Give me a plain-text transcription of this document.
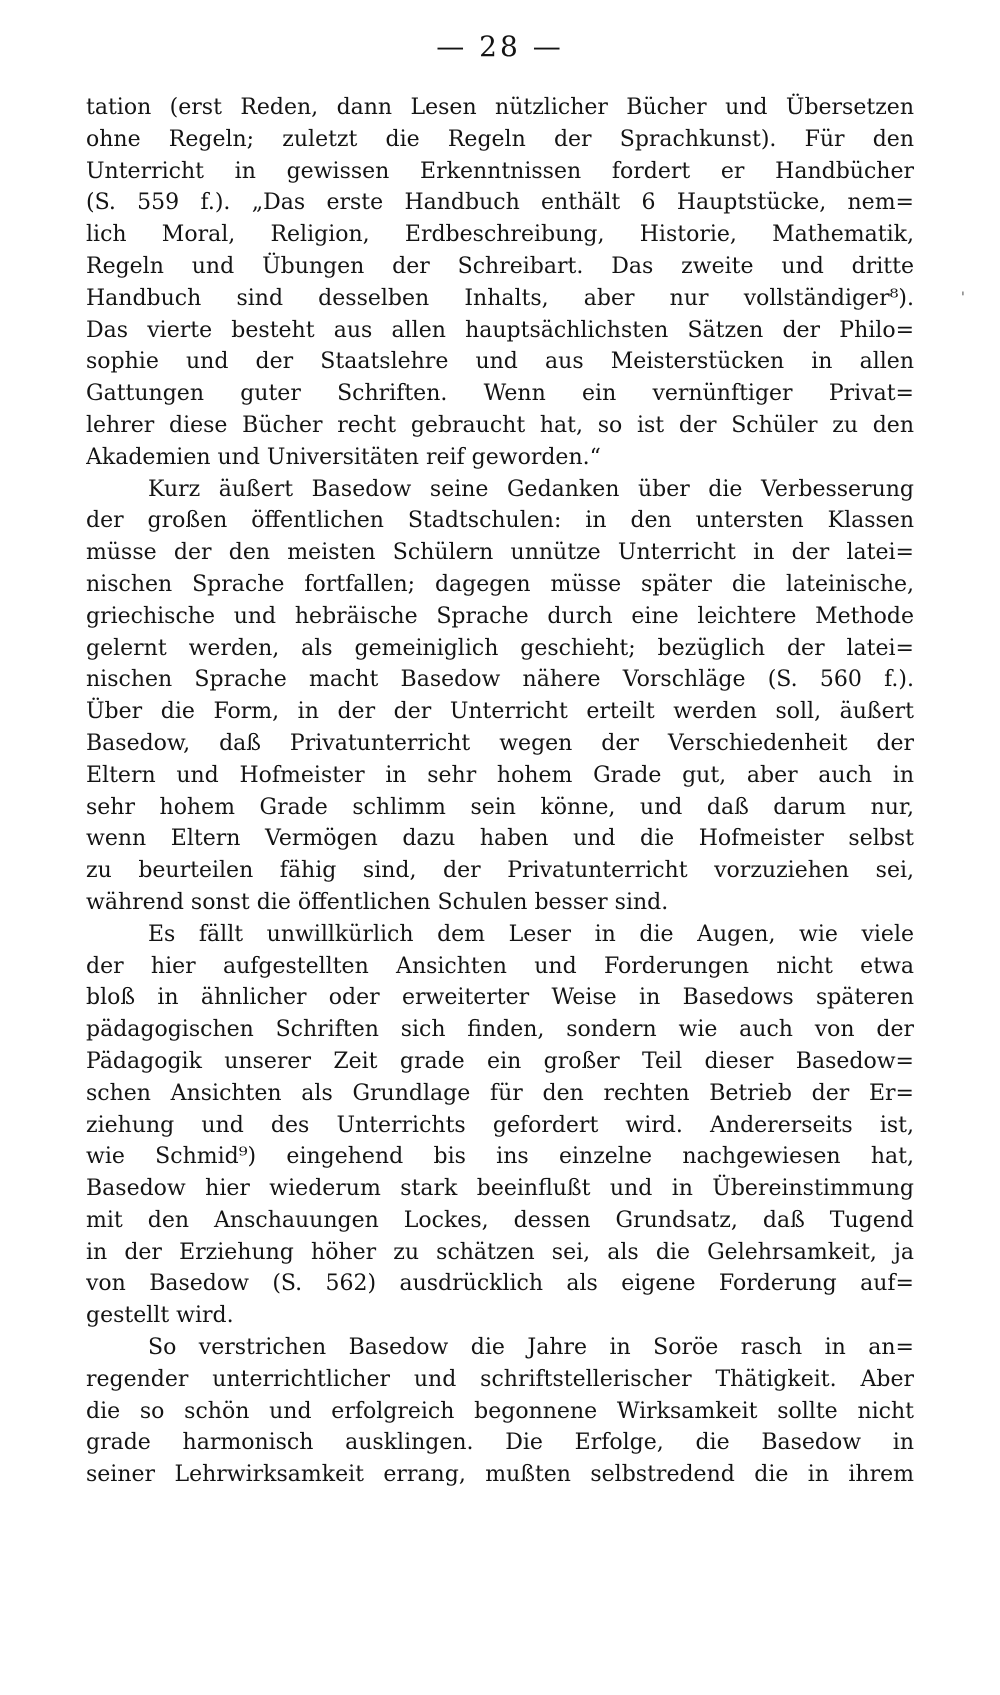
— 28 —
'
tation (erst Reden, dann Lesen nützlicher Bücher und Übersetzen
ohne Regeln; zuletzt die Regeln der Sprachkunst). Für den
Unterricht in gewissen Erkenntnissen fordert er Handbücher
(S. 559 f.). „Das erste Handbuch enthält 6 Hauptstücke, nem=
lich Moral, Religion, Erdbeschreibung, Historie, Mathematik,
Regeln und Übungen der Schreibart. Das zweite und dritte
Handbuch sind desselben Inhalts, aber nur vollständiger⁸).
Das vierte besteht aus allen hauptsächlichsten Sätzen der Philo=
sophie und der Staatslehre und aus Meisterstücken in allen
Gattungen guter Schriften. Wenn ein vernünftiger Privat=
lehrer diese Bücher recht gebraucht hat, so ist der Schüler zu den
Akademien und Universitäten reif geworden.“
Kurz äußert Basedow seine Gedanken über die Verbesserung
der großen öffentlichen Stadtschulen: in den untersten Klassen
müsse der den meisten Schülern unnütze Unterricht in der latei=
nischen Sprache fortfallen; dagegen müsse später die lateinische,
griechische und hebräische Sprache durch eine leichtere Methode
gelernt werden, als gemeiniglich geschieht; bezüglich der latei=
nischen Sprache macht Basedow nähere Vorschläge (S. 560 f.).
Über die Form, in der der Unterricht erteilt werden soll, äußert
Basedow, daß Privatunterricht wegen der Verschiedenheit der
Eltern und Hofmeister in sehr hohem Grade gut, aber auch in
sehr hohem Grade schlimm sein könne, und daß darum nur,
wenn Eltern Vermögen dazu haben und die Hofmeister selbst
zu beurteilen fähig sind, der Privatunterricht vorzuziehen sei,
während sonst die öffentlichen Schulen besser sind.
Es fällt unwillkürlich dem Leser in die Augen, wie viele
der hier aufgestellten Ansichten und Forderungen nicht etwa
bloß in ähnlicher oder erweiterter Weise in Basedows späteren
pädagogischen Schriften sich finden, sondern wie auch von der
Pädagogik unserer Zeit grade ein großer Teil dieser Basedow=
schen Ansichten als Grundlage für den rechten Betrieb der Er=
ziehung und des Unterrichts gefordert wird. Andererseits ist,
wie Schmid⁹) eingehend bis ins einzelne nachgewiesen hat,
Basedow hier wiederum stark beeinflußt und in Übereinstimmung
mit den Anschauungen Lockes, dessen Grundsatz, daß Tugend
in der Erziehung höher zu schätzen sei, als die Gelehrsamkeit, ja
von Basedow (S. 562) ausdrücklich als eigene Forderung auf=
gestellt wird.
So verstrichen Basedow die Jahre in Soröe rasch in an=
regender unterrichtlicher und schriftstellerischer Thätigkeit. Aber
die so schön und erfolgreich begonnene Wirksamkeit sollte nicht
grade harmonisch ausklingen. Die Erfolge, die Basedow in
seiner Lehrwirksamkeit errang, mußten selbstredend die in ihrem
